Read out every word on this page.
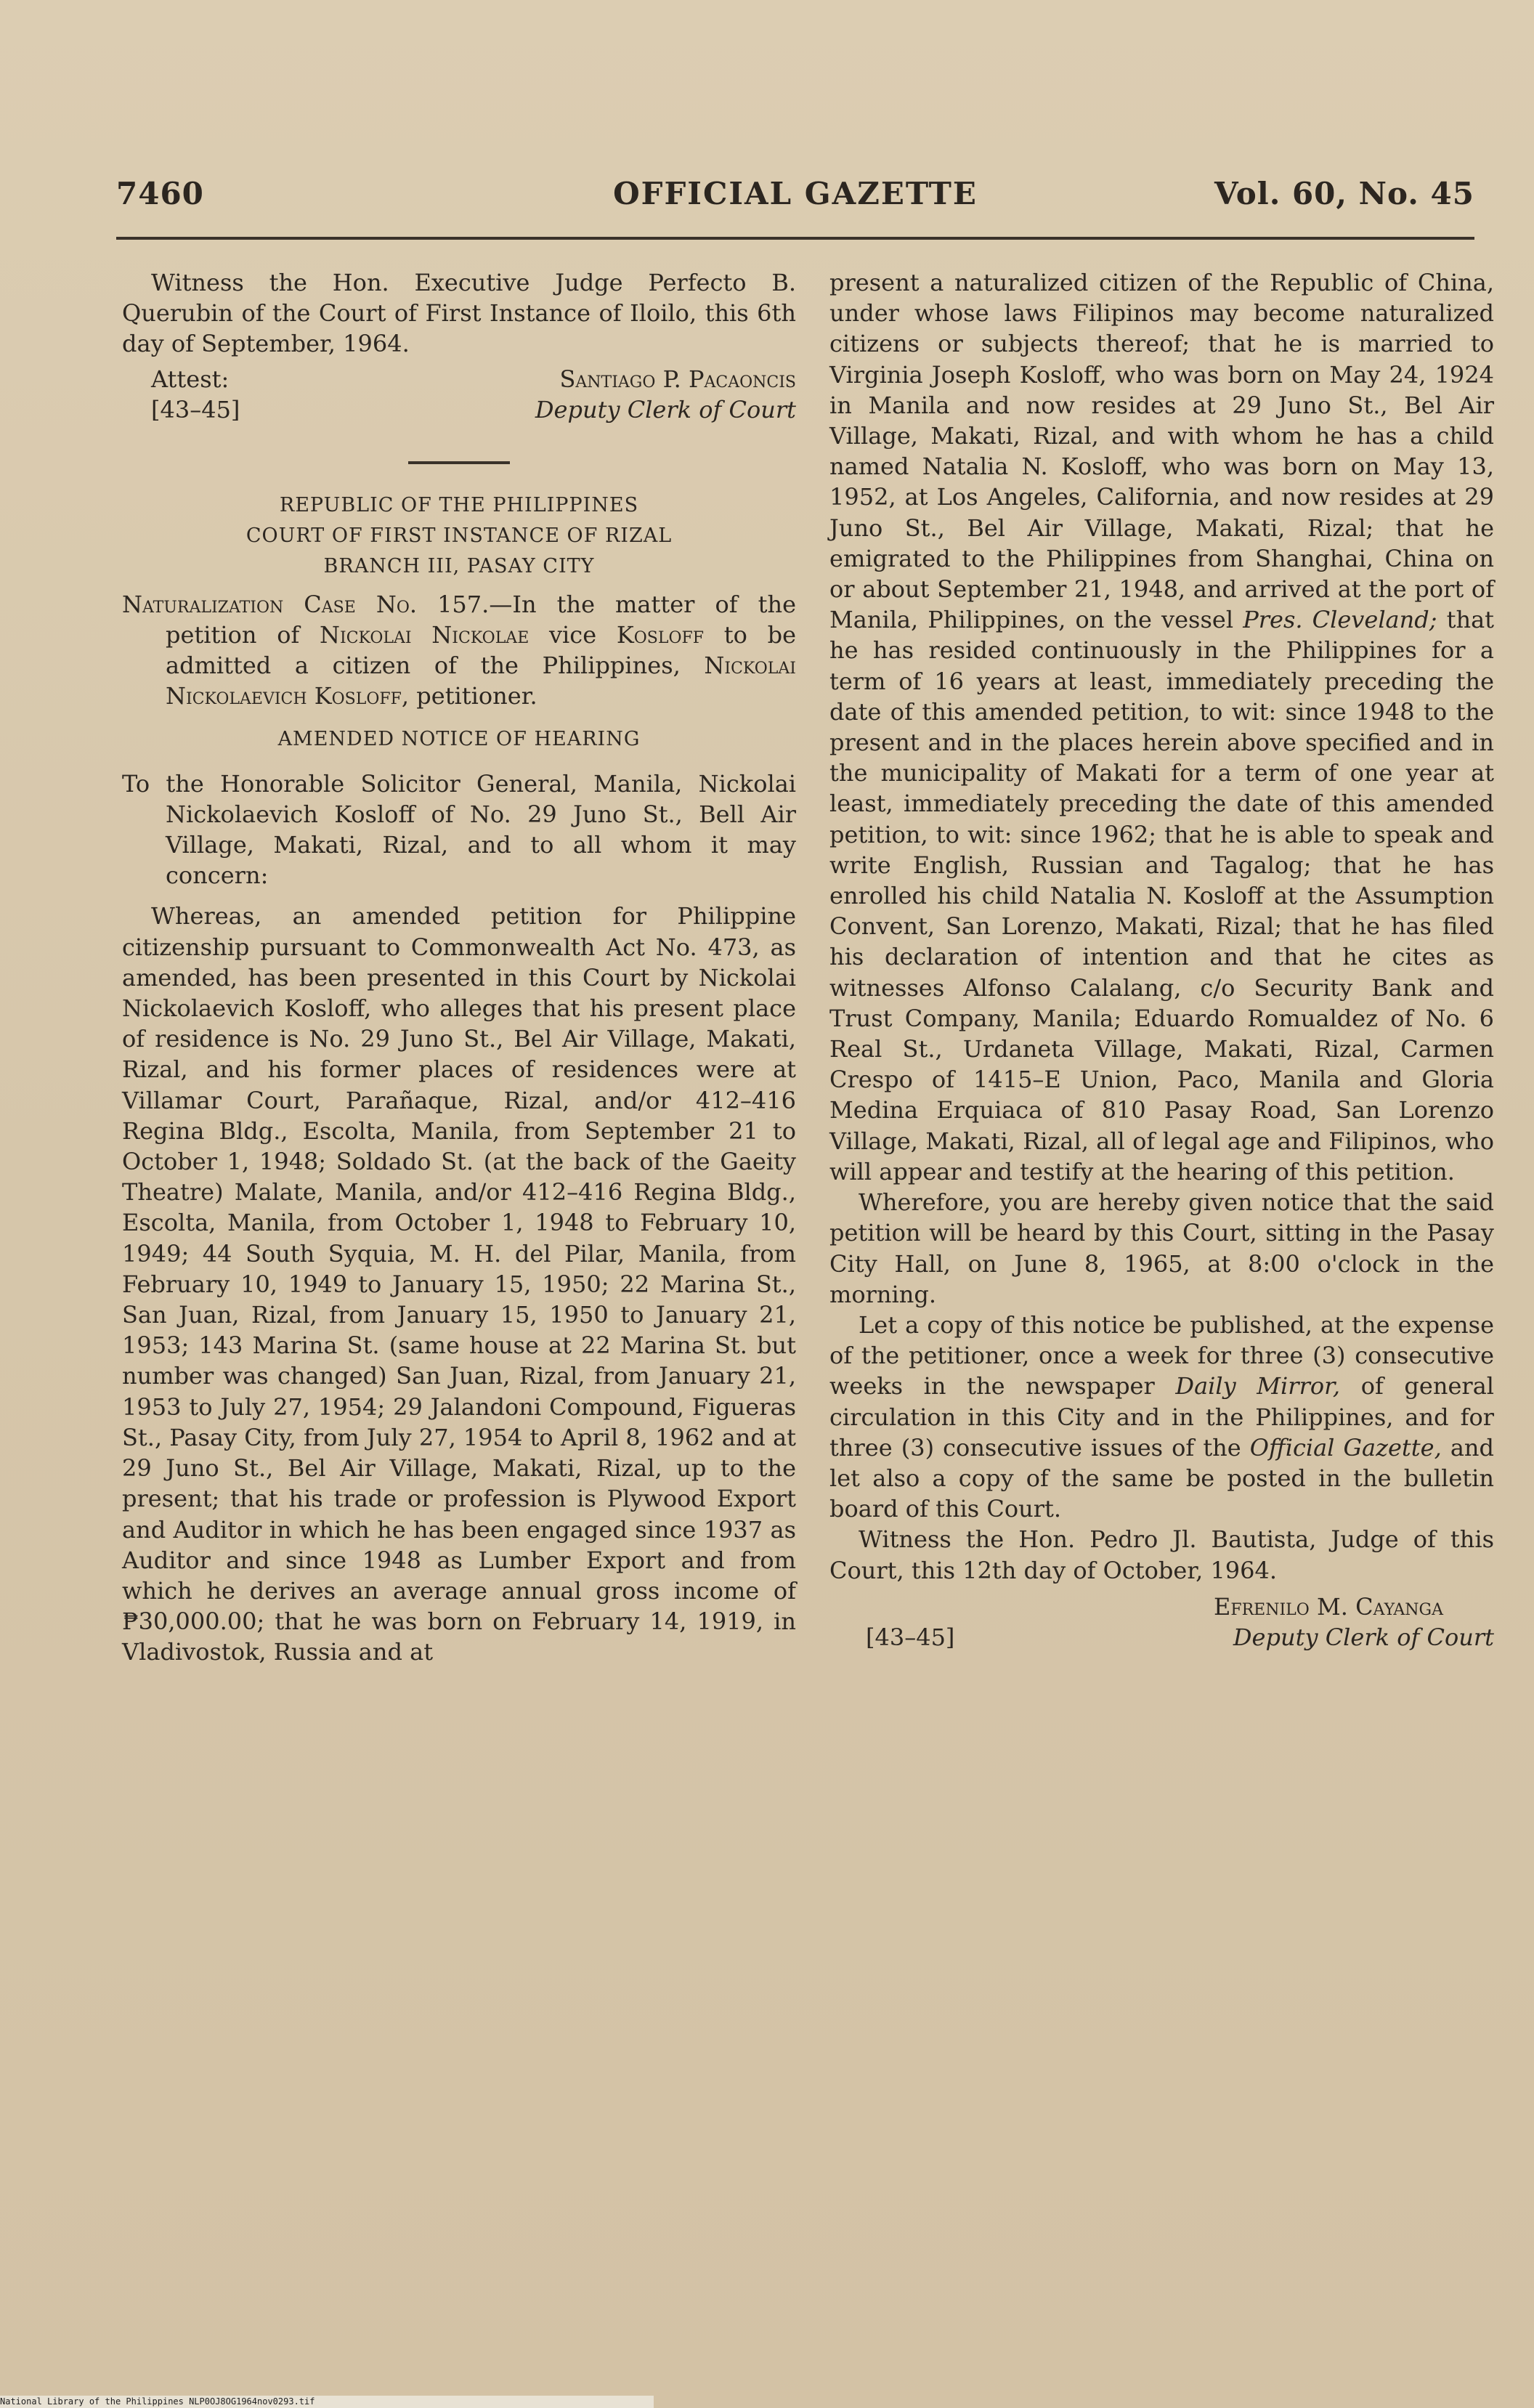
7460	OFFICIAL GAZETTE	Vol. 60, No. 45

Witness the Hon. Executive Judge Perfecto B. Querubin of the Court of First Instance of Iloilo, this 6th day of September, 1964.

Attest:
[43–45]
Santiago P. Pacaoncis
Deputy Clerk of Court
REPUBLIC OF THE PHILIPPINES
COURT OF FIRST INSTANCE OF RIZAL
BRANCH III, PASAY CITY

Naturalization Case No. 157.—In the matter of the petition of Nickolai Nickolae vice Kosloff to be admitted a citizen of the Philippines, Nickolai Nickolaevich Kosloff, petitioner.

AMENDED NOTICE OF HEARING

To the Honorable Solicitor General, Manila, Nickolai Nickolaevich Kosloff of No. 29 Juno St., Bell Air Village, Makati, Rizal, and to all whom it may concern:

Whereas, an amended petition for Philippine citizenship pursuant to Commonwealth Act No. 473, as amended, has been presented in this Court by Nickolai Nickolaevich Kosloff, who alleges that his present place of residence is No. 29 Juno St., Bel Air Village, Makati, Rizal, and his former places of residences were at Villamar Court, Parañaque, Rizal, and/or 412–416 Regina Bldg., Escolta, Manila, from September 21 to October 1, 1948; Soldado St. (at the back of the Gaeity Theatre) Malate, Manila, and/or 412–416 Regina Bldg., Escolta, Manila, from October 1, 1948 to February 10, 1949; 44 South Syquia, M. H. del Pilar, Manila, from February 10, 1949 to January 15, 1950; 22 Marina St., San Juan, Rizal, from January 15, 1950 to January 21, 1953; 143 Marina St. (same house at 22 Marina St. but number was changed) San Juan, Rizal, from January 21, 1953 to July 27, 1954; 29 Jalandoni Compound, Figueras St., Pasay City, from July 27, 1954 to April 8, 1962 and at 29 Juno St., Bel Air Village, Makati, Rizal, up to the present; that his trade or profession is Plywood Export and Auditor in which he has been engaged since 1937 as Auditor and since 1948 as Lumber Export and from which he derives an average annual gross income of ₱30,000.00; that he was born on February 14, 1919, in Vladivostok, Russia and at

present a naturalized citizen of the Republic of China, under whose laws Filipinos may become naturalized citizens or subjects thereof; that he is married to Virginia Joseph Kosloff, who was born on May 24, 1924 in Manila and now resides at 29 Juno St., Bel Air Village, Makati, Rizal, and with whom he has a child named Natalia N. Kosloff, who was born on May 13, 1952, at Los Angeles, California, and now resides at 29 Juno St., Bel Air Village, Makati, Rizal; that he emigrated to the Philippines from Shanghai, China on or about September 21, 1948, and arrived at the port of Manila, Philippines, on the vessel Pres. Cleveland; that he has resided continuously in the Philippines for a term of 16 years at least, immediately preceding the date of this amended petition, to wit: since 1948 to the present and in the places herein above specified and in the municipality of Makati for a term of one year at least, immediately preceding the date of this amended petition, to wit: since 1962; that he is able to speak and write English, Russian and Tagalog; that he has enrolled his child Natalia N. Kosloff at the Assumption Convent, San Lorenzo, Makati, Rizal; that he has filed his declaration of intention and that he cites as witnesses Alfonso Calalang, c/o Security Bank and Trust Company, Manila; Eduardo Romualdez of No. 6 Real St., Urdaneta Village, Makati, Rizal, Carmen Crespo of 1415–E Union, Paco, Manila and Gloria Medina Erquiaca of 810 Pasay Road, San Lorenzo Village, Makati, Rizal, all of legal age and Filipinos, who will appear and testify at the hearing of this petition.

Wherefore, you are hereby given notice that the said petition will be heard by this Court, sitting in the Pasay City Hall, on June 8, 1965, at 8:00 o'clock in the morning.

Let a copy of this notice be published, at the expense of the petitioner, once a week for three (3) consecutive weeks in the newspaper Daily Mirror, of general circulation in this City and in the Philippines, and for three (3) consecutive issues of the Official Gazette, and let also a copy of the same be posted in the bulletin board of this Court.

Witness the Hon. Pedro Jl. Bautista, Judge of this Court, this 12th day of October, 1964.

Efrenilo M. Cayanga
[43–45]	Deputy Clerk of Court
National Library of the Philippines NLP0OJ8OG1964nov0293.tif
